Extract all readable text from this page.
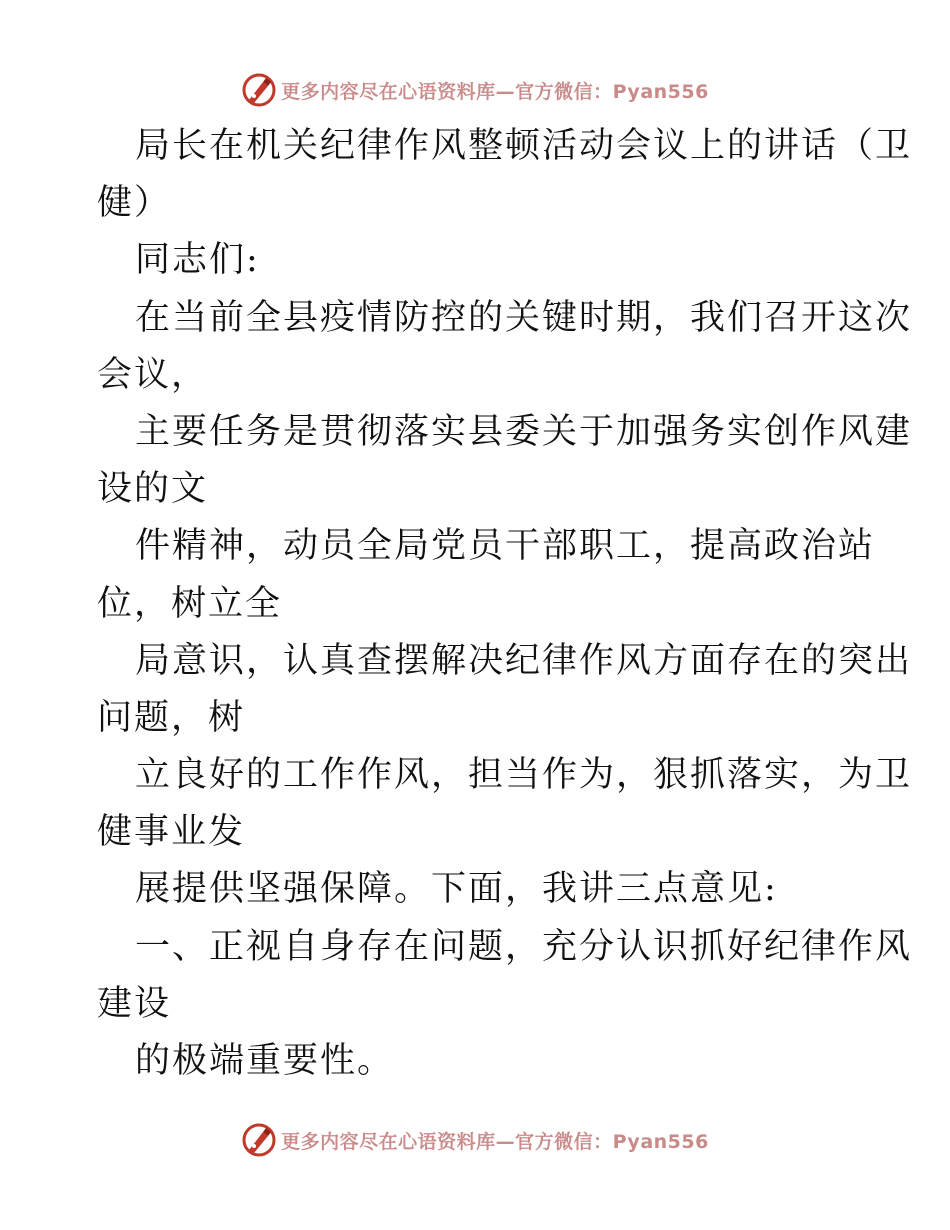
更多内容尽在心语资料库—官方微信：Pyan556
局长在机关纪律作风整顿活动会议上的讲话（卫
健）
同志们:
在当前全县疫情防控的关键时期，我们召开这次
会议，
主要任务是贯彻落实县委关于加强务实创作风建
设的文
件精神，动员全局党员干部职工，提高政治站
位，树立全
局意识，认真查摆解决纪律作风方面存在的突出
问题，树
立良好的工作作风，担当作为，狠抓落实，为卫
健事业发
展提供坚强保障。下面，我讲三点意见:
一、正视自身存在问题，充分认识抓好纪律作风
建设
的极端重要性。
更多内容尽在心语资料库—官方微信：Pyan556
